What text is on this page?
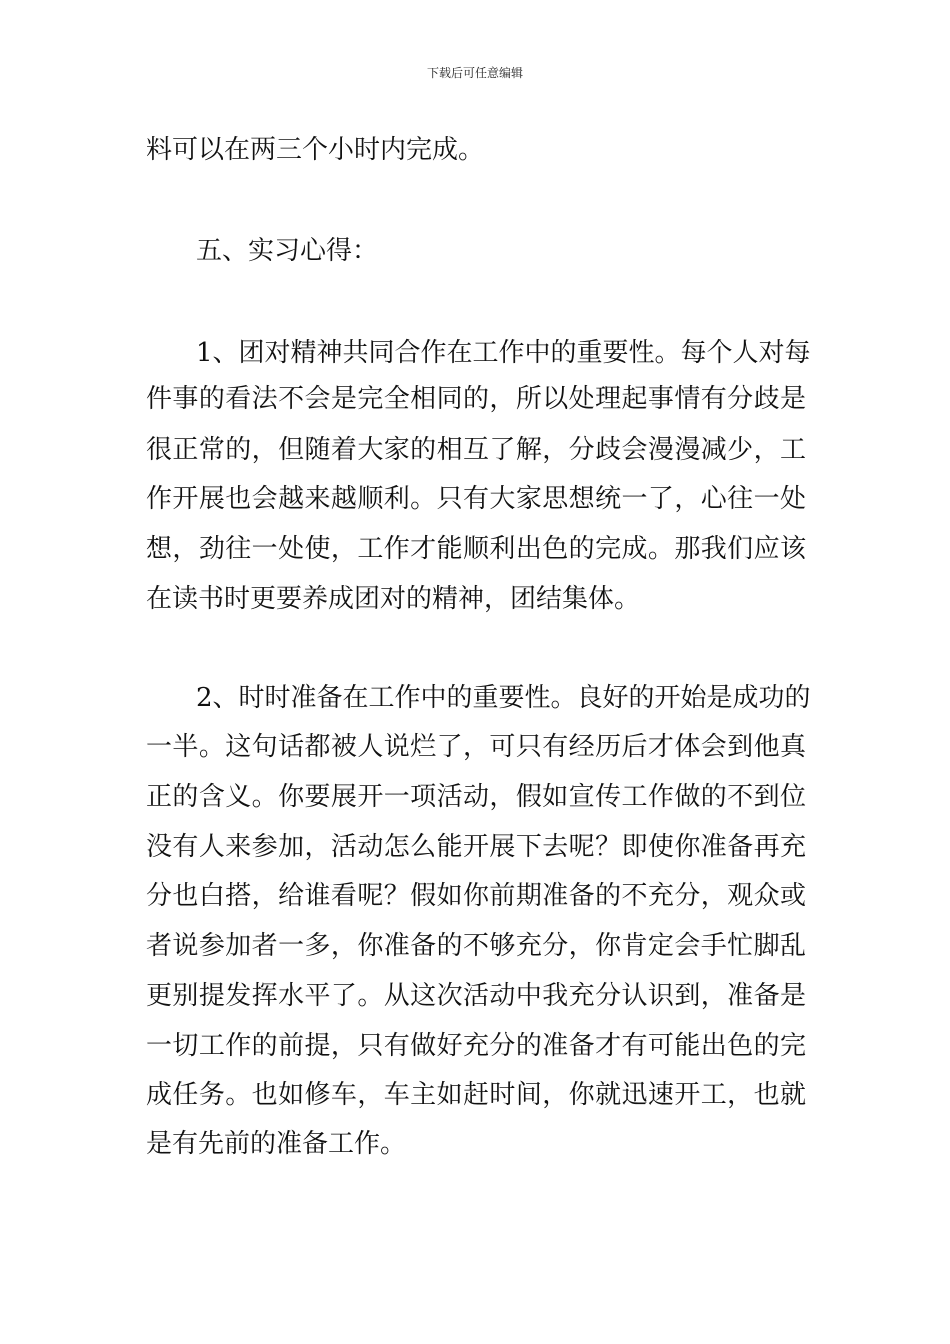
下载后可任意编辑
料可以在两三个小时内完成。
五、实习心得：
1、团对精神共同合作在工作中的重要性。每个人对每
件事的看法不会是完全相同的，所以处理起事情有分歧是
很正常的，但随着大家的相互了解，分歧会漫漫减少，工
作开展也会越来越顺利。只有大家思想统一了，心往一处
想，劲往一处使，工作才能顺利出色的完成。那我们应该
在读书时更要养成团对的精神，团结集体。
2、时时准备在工作中的重要性。良好的开始是成功的
一半。这句话都被人说烂了，可只有经历后才体会到他真
正的含义。你要展开一项活动，假如宣传工作做的不到位
没有人来参加，活动怎么能开展下去呢？即使你准备再充
分也白搭，给谁看呢？假如你前期准备的不充分，观众或
者说参加者一多，你准备的不够充分，你肯定会手忙脚乱
更别提发挥水平了。从这次活动中我充分认识到，准备是
一切工作的前提，只有做好充分的准备才有可能出色的完
成任务。也如修车，车主如赶时间，你就迅速开工，也就
是有先前的准备工作。
